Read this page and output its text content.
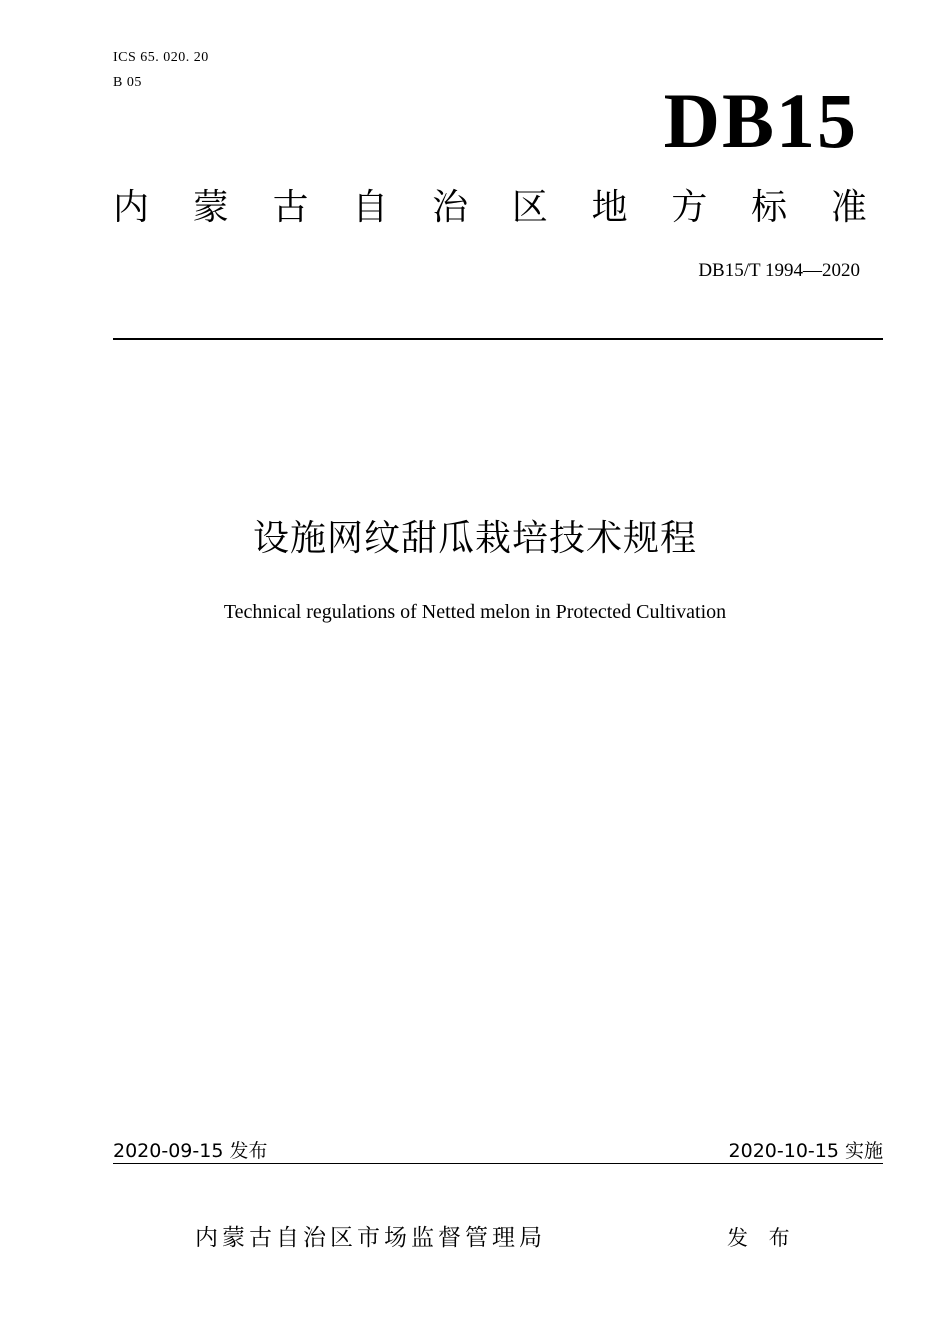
ICS 65. 020. 20
B 05	DB15
内 蒙 古 自 治 区 地 方 标 准
DB15/T 1994—2020
设施网纹甜瓜栽培技术规程
Technical regulations of Netted melon in Protected Cultivation
2020-09-15 发布	2020-10-15 实施
内蒙古自治区市场监督管理局	发 布
